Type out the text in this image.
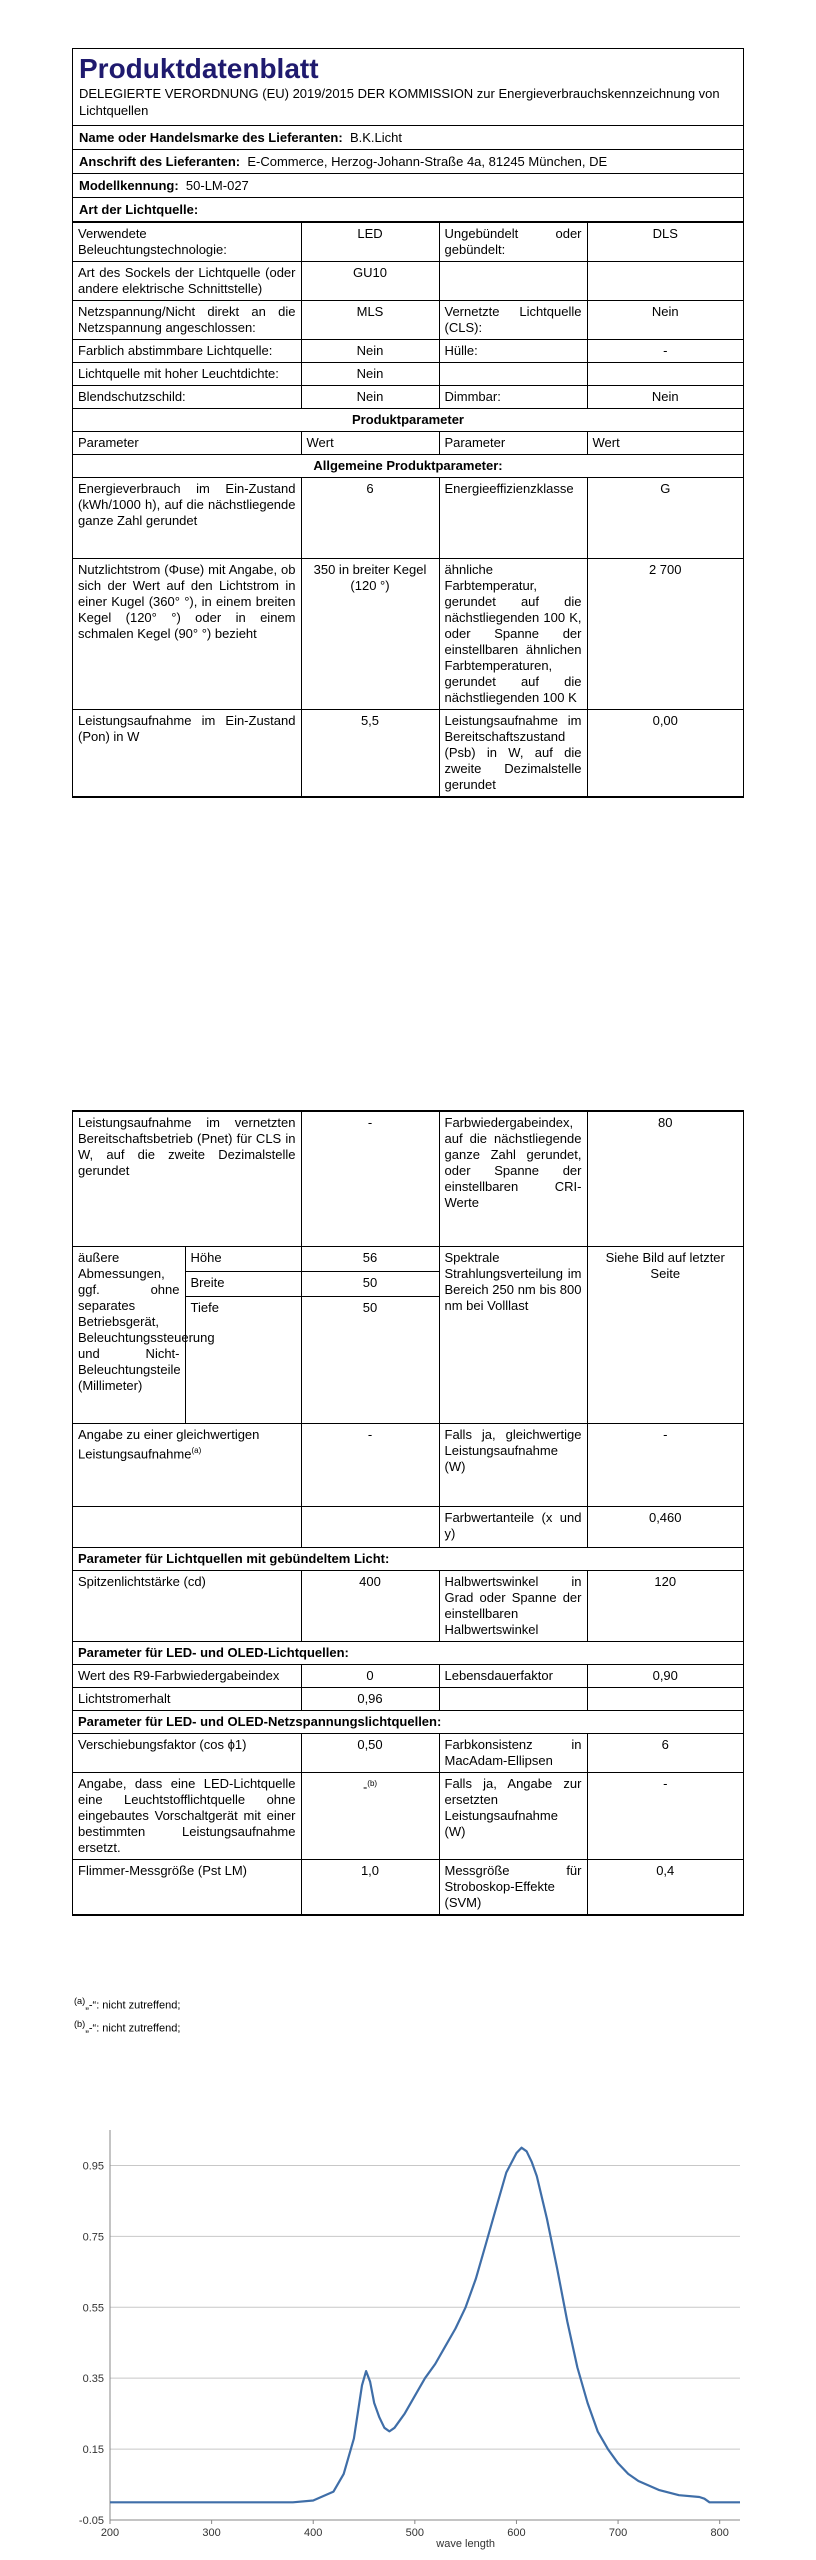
Produktdatenblatt
DELEGIERTE VERORDNUNG (EU) 2019/2015 DER KOMMISSION zur Energieverbrauchskennzeichnung von Lichtquellen
Name oder Handelsmarke des Lieferanten: B.K.Licht
Anschrift des Lieferanten: E-Commerce, Herzog-Johann-Straße 4a, 81245 München, DE
Modellkennung: 50-LM-027
Art der Lichtquelle:
Verwendete Beleuchtungstechnologie:	LED	Ungebündelt oder gebündelt:	DLS
Art des Sockels der Lichtquelle (oder andere elektrische Schnittstelle)	GU10		
Netzspannung/Nicht direkt an die Netzspannung angeschlossen:	MLS	Vernetzte Lichtquelle (CLS):	Nein
Farblich abstimmbare Lichtquelle:	Nein	Hülle:	-
Lichtquelle mit hoher Leuchtdichte:	Nein		
Blendschutzschild:	Nein	Dimmbar:	Nein
Produktparameter			
Parameter	Wert	Parameter	Wert
Allgemeine Produktparameter:			
Energieverbrauch im Ein-Zustand (kWh/1000 h), auf die nächstliegende ganze Zahl gerundet	6	Energieeffizienzklasse	G
Nutzlichtstrom (Φuse) mit Angabe, ob sich der Wert auf den Lichtstrom in einer Kugel (360° °), in einem breiten Kegel (120° °) oder in einem schmalen Kegel (90° °) bezieht	350 in breiter Kegel (120 °)	ähnliche Farbtemperatur, gerundet auf die nächstliegenden 100 K, oder Spanne der einstellbaren ähnlichen Farbtemperaturen, gerundet auf die nächstliegenden 100 K	2 700
Leistungsaufnahme im Ein-Zustand (Pon) in W	5,5	Leistungsaufnahme im Bereitschaftszustand (Psb) in W, auf die zweite Dezimalstelle gerundet	0,00
Leistungsaufnahme im vernetzten Bereitschaftsbetrieb (Pnet) für CLS in W, auf die zweite Dezimalstelle gerundet		-	Farbwiedergabeindex, auf die nächstliegende ganze Zahl gerundet, oder Spanne der einstellbaren CRI-Werte	80
äußere Abmessungen, ggf. ohne separates Betriebsgerät, Beleuchtungssteuerung und Nicht-Beleuchtungsteile (Millimeter)	Höhe	56	Spektrale Strahlungsverteilung im Bereich 250 nm bis 800 nm bei Volllast	Siehe Bild auf letzter Seite
	Breite	50		
	Tiefe	50		
Angabe zu einer gleichwertigen Leistungsaufnahme$^{(a)}$		-	Falls ja, gleichwertige Leistungsaufnahme (W)	-
			Farbwertanteile (x und y)	0,460
Parameter für Lichtquellen mit gebündeltem Licht:				
Spitzenlichtstärke (cd)		400	Halbwertswinkel in Grad oder Spanne der einstellbaren Halbwertswinkel	120
Parameter für LED- und OLED-Lichtquellen:				
Wert des R9-Farbwiedergabeindex		0	Lebensdauerfaktor	0,90
Lichtstromerhalt		0,96		
Parameter für LED- und OLED-Netzspannungslichtquellen:				
Verschiebungsfaktor (cos ϕ1)		0,50	Farbkonsistenz in MacAdam-Ellipsen	6
Angabe, dass eine LED-Lichtquelle eine Leuchtstofflichtquelle ohne eingebautes Vorschaltgerät mit einer bestimmten Leistungsaufnahme ersetzt.		-$^{(b)}$	Falls ja, Angabe zur ersetzten Leistungsaufnahme (W)	-
Flimmer-Messgröße (Pst LM)		1,0	Messgröße für Stroboskop-Effekte (SVM)	0,4
$^{(a)}$„-“: nicht zutreffend;
$^{(b)}$„-“: nicht zutreffend;
-0.05
0.15
0.35
0.55
0.75
0.95
200	300	400	500	600	700	800
wave length
